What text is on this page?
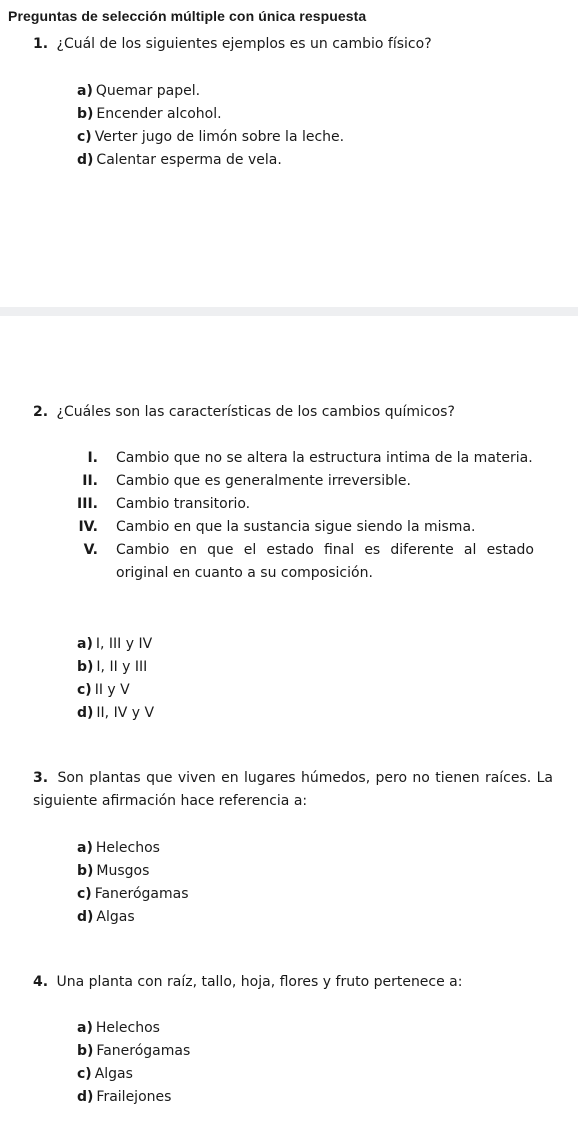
Preguntas de selección múltiple con única respuesta
1. ¿Cuál de los siguientes ejemplos es un cambio físico?
a) Quemar papel.
b) Encender alcohol.
c) Verter jugo de limón sobre la leche.
d) Calentar esperma de vela.
2. ¿Cuáles son las características de los cambios químicos?
I.	Cambio que no se altera la estructura intima de la materia.
II.	Cambio que es generalmente irreversible.
III.	Cambio transitorio.
IV.	Cambio en que la sustancia sigue siendo la misma.
V.	Cambio en que el estado final es diferente al estado original en cuanto a su composición.
a) I, III y IV
b) I, II y III
c) II y V
d) II, IV y V
3. Son plantas que viven en lugares húmedos, pero no tienen raíces. La siguiente afirmación hace referencia a:
a) Helechos
b) Musgos
c) Fanerógamas
d) Algas
4. Una planta con raíz, tallo, hoja, flores y fruto pertenece a:
a) Helechos
b) Fanerógamas
c) Algas
d) Frailejones
